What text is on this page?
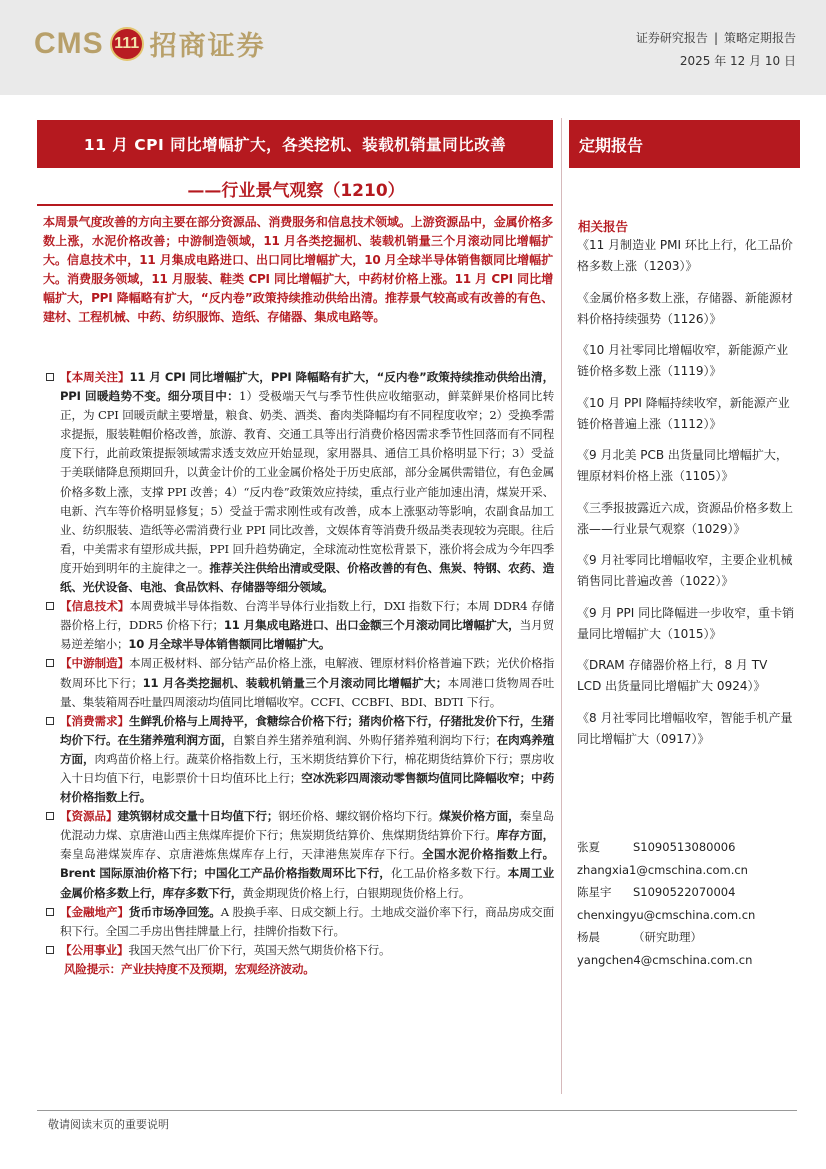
CMS 111 招商证券	证券研究报告 | 策略定期报告
2025 年 12 月 10 日
11 月 CPI 同比增幅扩大，各类挖机、装载机销量同比改善
——行业景气观察（1210）
定期报告
本周景气度改善的方向主要在部分资源品、消费服务和信息技术领域。上游资源品中，金属价格多数上涨，水泥价格改善；中游制造领域，11 月各类挖掘机、装载机销量三个月滚动同比增幅扩大。信息技术中，11 月集成电路进口、出口同比增幅扩大，10 月全球半导体销售额同比增幅扩大。消费服务领域，11 月服装、鞋类 CPI 同比增幅扩大，中药材价格上涨。11 月 CPI 同比增幅扩大，PPI 降幅略有扩大，“反内卷”政策持续推动供给出清。推荐景气较高或有改善的有色、建材、工程机械、中药、纺织服饰、造纸、存储器、集成电路等。
【本周关注】11 月 CPI 同比增幅扩大，PPI 降幅略有扩大，“反内卷”政策持续推动供给出清，PPI 回暖趋势不变。细分项目中：1）受极端天气与季节性供应收缩驱动，鲜菜鲜果价格同比转正，为 CPI 回暖贡献主要增量，粮食、奶类、酒类、畜肉类降幅均有不同程度收窄；2）受换季需求提振，服装鞋帽价格改善，旅游、教育、交通工具等出行消费价格因需求季节性回落而有不同程度下行，此前政策提振领域需求透支效应开始显现，家用器具、通信工具价格明显下行；3）受益于美联储降息预期回升，以黄金计价的工业金属价格处于历史底部，部分金属供需错位，有色金属价格多数上涨，支撑 PPI 改善；4）“反内卷”政策效应持续，重点行业产能加速出清，煤炭开采、电新、汽车等价格明显修复；5）受益于需求刚性或有改善，成本上涨驱动等影响，农副食品加工业、纺织服装、造纸等必需消费行业 PPI 同比改善，文娱体育等消费升级品类表现较为亮眼。往后看，中美需求有望形成共振，PPI 回升趋势确定，全球流动性宽松背景下，涨价将会成为今年四季度开始到明年的主旋律之一。推荐关注供给出清或受限、价格改善的有色、焦炭、特钢、农药、造纸、光伏设备、电池、食品饮料、存储器等细分领域。
【信息技术】本周费城半导体指数、台湾半导体行业指数上行，DXI 指数下行；本周 DDR4 存储器价格上行，DDR5 价格下行；11 月集成电路进口、出口金额三个月滚动同比增幅扩大，当月贸易逆差缩小；10 月全球半导体销售额同比增幅扩大。
【中游制造】本周正极材料、部分钴产品价格上涨，电解液、锂原材料价格普遍下跌；光伏价格指数周环比下行；11 月各类挖掘机、装载机销量三个月滚动同比增幅扩大；本周港口货物周吞吐量、集装箱周吞吐量四周滚动均值同比增幅收窄。CCFI、CCBFI、BDI、BDTI 下行。
【消费需求】生鲜乳价格与上周持平，食糖综合价格下行；猪肉价格下行，仔猪批发价下行，生猪均价下行。在生猪养殖利润方面，自繁自养生猪养殖利润、外购仔猪养殖利润均下行；在肉鸡养殖方面，肉鸡苗价格上行。蔬菜价格指数上行，玉米期货结算价下行，棉花期货结算价下行；票房收入十日均值下行，电影票价十日均值环比上行；空冰洗彩四周滚动零售额均值同比降幅收窄；中药材价格指数上行。
【资源品】建筑钢材成交量十日均值下行；钢坯价格、螺纹钢价格均下行。煤炭价格方面，秦皇岛优混动力煤、京唐港山西主焦煤库提价下行；焦炭期货结算价、焦煤期货结算价下行。库存方面，秦皇岛港煤炭库存、京唐港炼焦煤库存上行，天津港焦炭库存下行。全国水泥价格指数上行。Brent 国际原油价格下行；中国化工产品价格指数周环比下行，化工品价格多数下行。本周工业金属价格多数上行，库存多数下行，黄金期现货价格上行，白银期现货价格上行。
【金融地产】货币市场净回笼。A 股换手率、日成交额上行。土地成交溢价率下行，商品房成交面积下行。全国二手房出售挂牌量上行，挂牌价指数下行。
【公用事业】我国天然气出厂价下行，英国天然气期货价格下行。
风险提示：产业扶持度不及预期，宏观经济波动。
相关报告
《11 月制造业 PMI 环比上行，化工品价格多数上涨（1203）》
《金属价格多数上涨，存储器、新能源材料价格持续强势（1126）》
《10 月社零同比增幅收窄，新能源产业链价格多数上涨（1119）》
《10 月 PPI 降幅持续收窄，新能源产业链价格普遍上涨（1112）》
《9 月北美 PCB 出货量同比增幅扩大，锂原材料价格上涨（1105）》
《三季报披露近六成，资源品价格多数上涨——行业景气观察（1029）》
《9 月社零同比增幅收窄，主要企业机械销售同比普遍改善（1022）》
《9 月 PPI 同比降幅进一步收窄，重卡销量同比增幅扩大（1015）》
《DRAM 存储器价格上行，8 月 TV LCD 出货量同比增幅扩大 0924）》
《8 月社零同比增幅收窄，智能手机产量同比增幅扩大（0917）》
张夏	S1090513080006
zhangxia1@cmschina.com.cn
陈星宇	S1090522070004
chenxingyu@cmschina.com.cn
杨晨	（研究助理）
yangchen4@cmschina.com.cn
敬请阅读末页的重要说明
